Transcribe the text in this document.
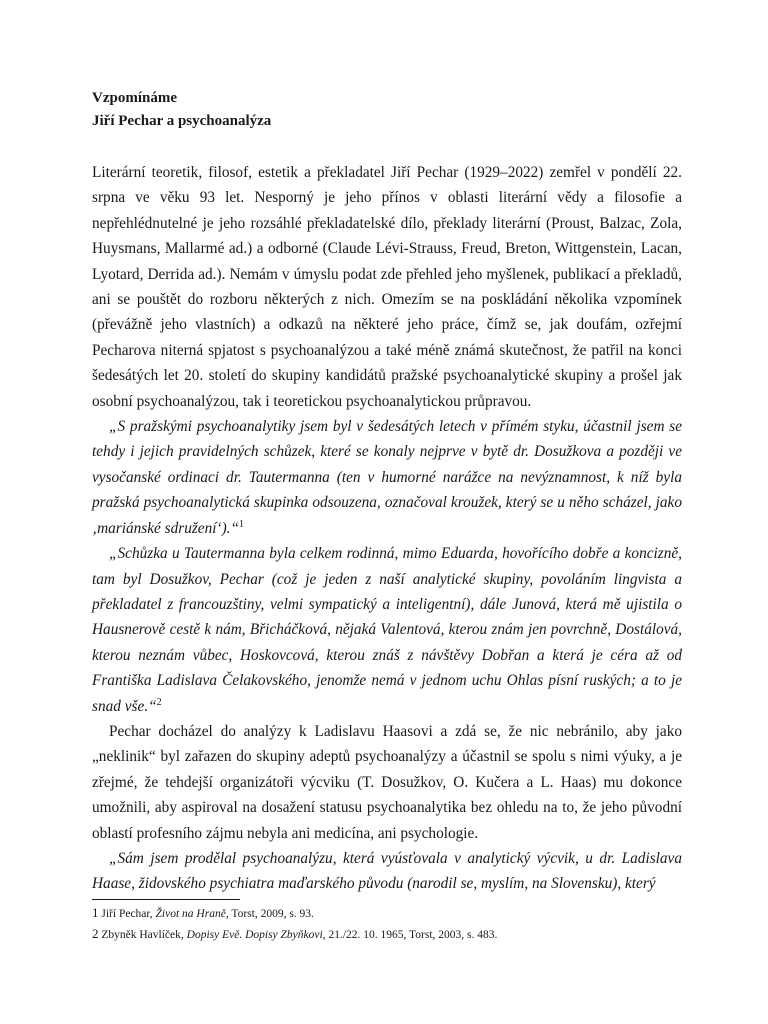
Vzpomínáme
Jiří Pechar a psychoanalýza

Literární teoretik, filosof, estetik a překladatel Jiří Pechar (1929–2022) zemřel v pondělí 22. srpna ve věku 93 let. Nesporný je jeho přínos v oblasti literární vědy a filosofie a nepřehlédnutelné je jeho rozsáhlé překladatelské dílo, překlady literární (Proust, Balzac, Zola, Huysmans, Mallarmé ad.) a odborné (Claude Lévi-Strauss, Freud, Breton, Wittgenstein, Lacan, Lyotard, Derrida ad.). Nemám v úmyslu podat zde přehled jeho myšlenek, publikací a překladů, ani se pouštět do rozboru některých z nich. Omezím se na poskládání několika vzpomínek (převážně jeho vlastních) a odkazů na některé jeho práce, čímž se, jak doufám, ozřejmí Pecharova niterná spjatost s psychoanalýzou a také méně známá skutečnost, že patřil na konci šedesátých let 20. století do skupiny kandidátů pražské psychoanalytické skupiny a prošel jak osobní psychoanalýzou, tak i teoretickou psychoanalytickou průpravou.

„S pražskými psychoanalytiky jsem byl v šedesátých letech v přímém styku, účastnil jsem se tehdy i jejich pravidelných schůzek, které se konaly nejprve v bytě dr. Dosužkova a později ve vysočanské ordinaci dr. Tautermanna (ten v humorné narážce na nevýznamnost, k níž byla pražská psychoanalytická skupinka odsouzena, označoval kroužek, který se u něho scházel, jako ‚mariánské sdružení‘).“$^1$

„Schůzka u Tautermanna byla celkem rodinná, mimo Eduarda, hovořícího dobře a koncizně, tam byl Dosužkov, Pechar (což je jeden z naší analytické skupiny, povoláním lingvista a překladatel z francouzštiny, velmi sympatický a inteligentní), dále Junová, která mě ujistila o Hausnerově cestě k nám, Břicháčková, nějaká Valentová, kterou znám jen povrchně, Dostálová, kterou neznám vůbec, Hoskovcová, kterou znáš z návštěvy Dobřan a která je céra až od Františka Ladislava Čelakovského, jenomže nemá v jednom uchu Ohlas písní ruských; a to je snad vše.“$^2$

Pechar docházel do analýzy k Ladislavu Haasovi a zdá se, že nic nebránilo, aby jako „neklinik“ byl zařazen do skupiny adeptů psychoanalýzy a účastnil se spolu s nimi výuky, a je zřejmé, že tehdejší organizátoři výcviku (T. Dosužkov, O. Kučera a L. Haas) mu dokonce umožnili, aby aspiroval na dosažení statusu psychoanalytika bez ohledu na to, že jeho původní oblastí profesního zájmu nebyla ani medicína, ani psychologie.

„Sám jsem prodělal psychoanalýzu, která vyúsťovala v analytický výcvik, u dr. Ladislava Haase, židovského psychiatra maďarského původu (narodil se, myslím, na Slovensku), který

1 Jiří Pechar, Život na Hraně, Torst, 2009, s. 93.
2 Zbyněk Havlíček, Dopisy Evě. Dopisy Zbyňkovi, 21./22. 10. 1965, Torst, 2003, s. 483.
